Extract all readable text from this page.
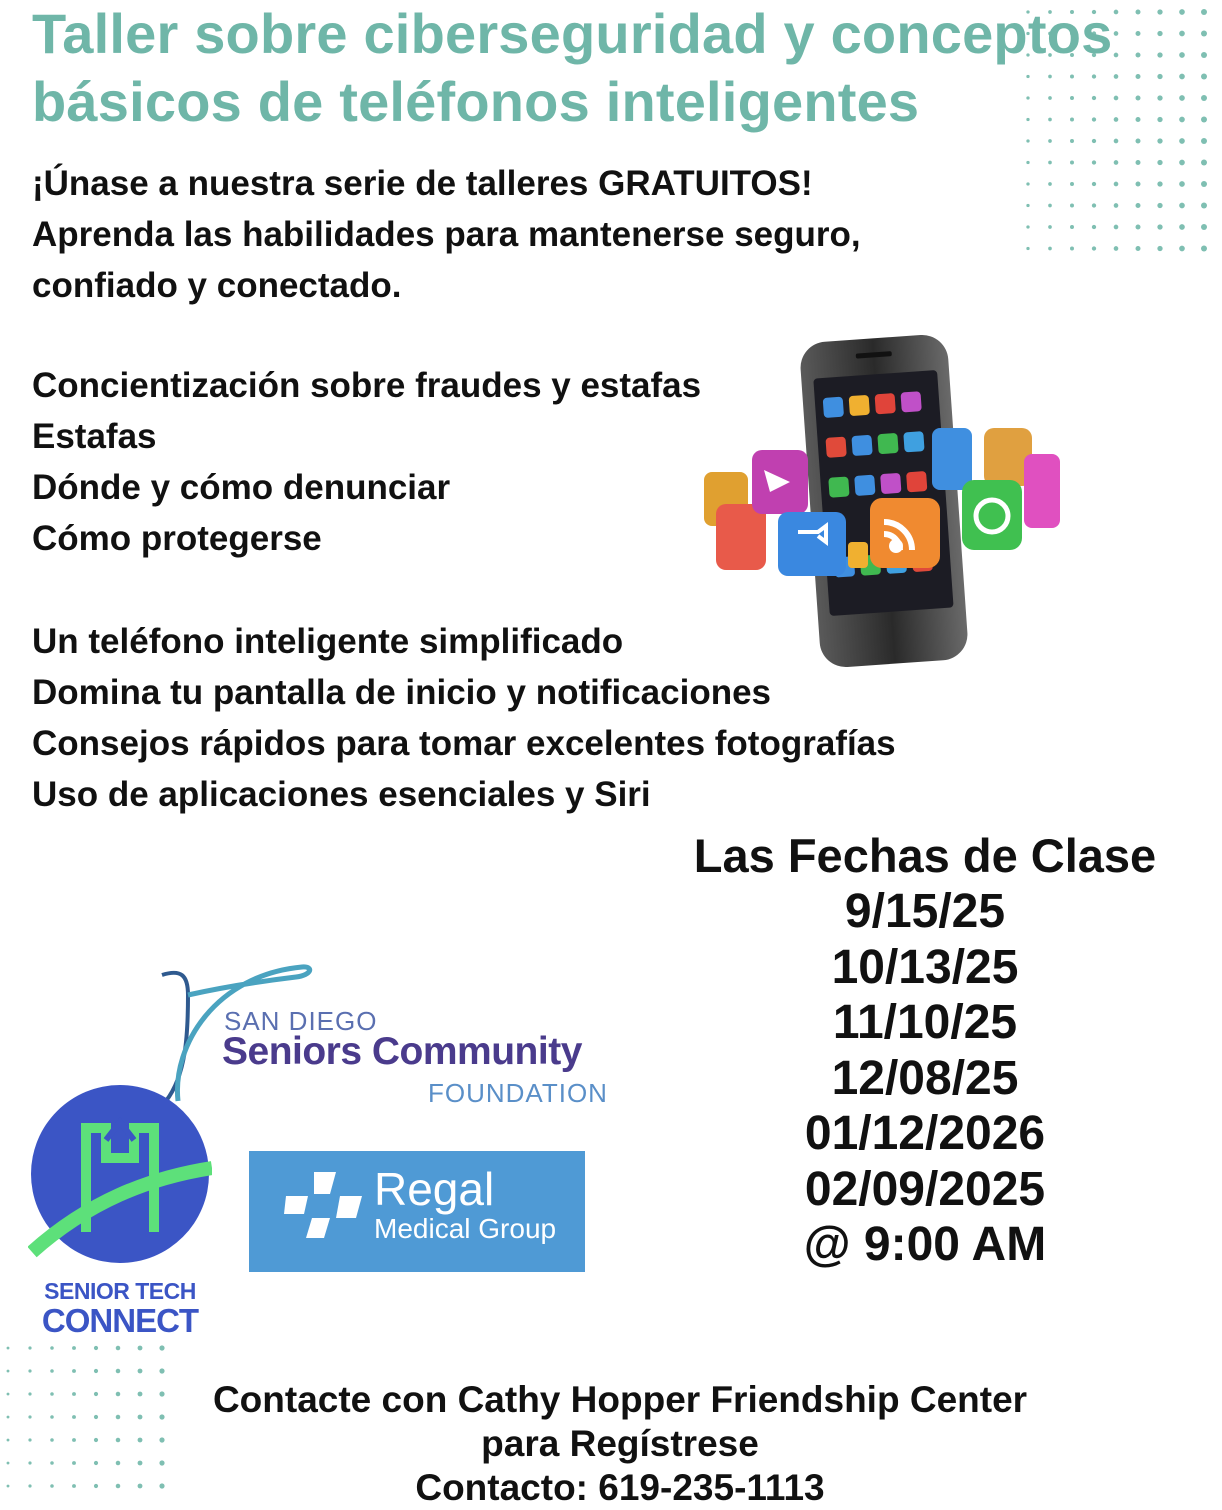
Taller sobre ciberseguridad y conceptos básicos de teléfonos inteligentes
¡Únase a nuestra serie de talleres GRATUITOS!
Aprenda las habilidades para mantenerse seguro,
confiado y conectado.
Concientización sobre fraudes y estafas
Estafas
Dónde y cómo denunciar
Cómo protegerse
Un teléfono inteligente simplificado
Domina tu pantalla de inicio y notificaciones
Consejos rápidos para tomar excelentes fotografías
Uso de aplicaciones esenciales y Siri
Las Fechas de Clase
9/15/25
10/13/25
11/10/25
12/08/25
01/12/2026
02/09/2025
@ 9:00 AM
SAN DIEGO
Seniors Community
FOUNDATION
SENIOR TECH
CONNECT
Regal
Medical Group
Contacte con Cathy Hopper Friendship Center
para Regístrese
Contacto: 619-235-1113
